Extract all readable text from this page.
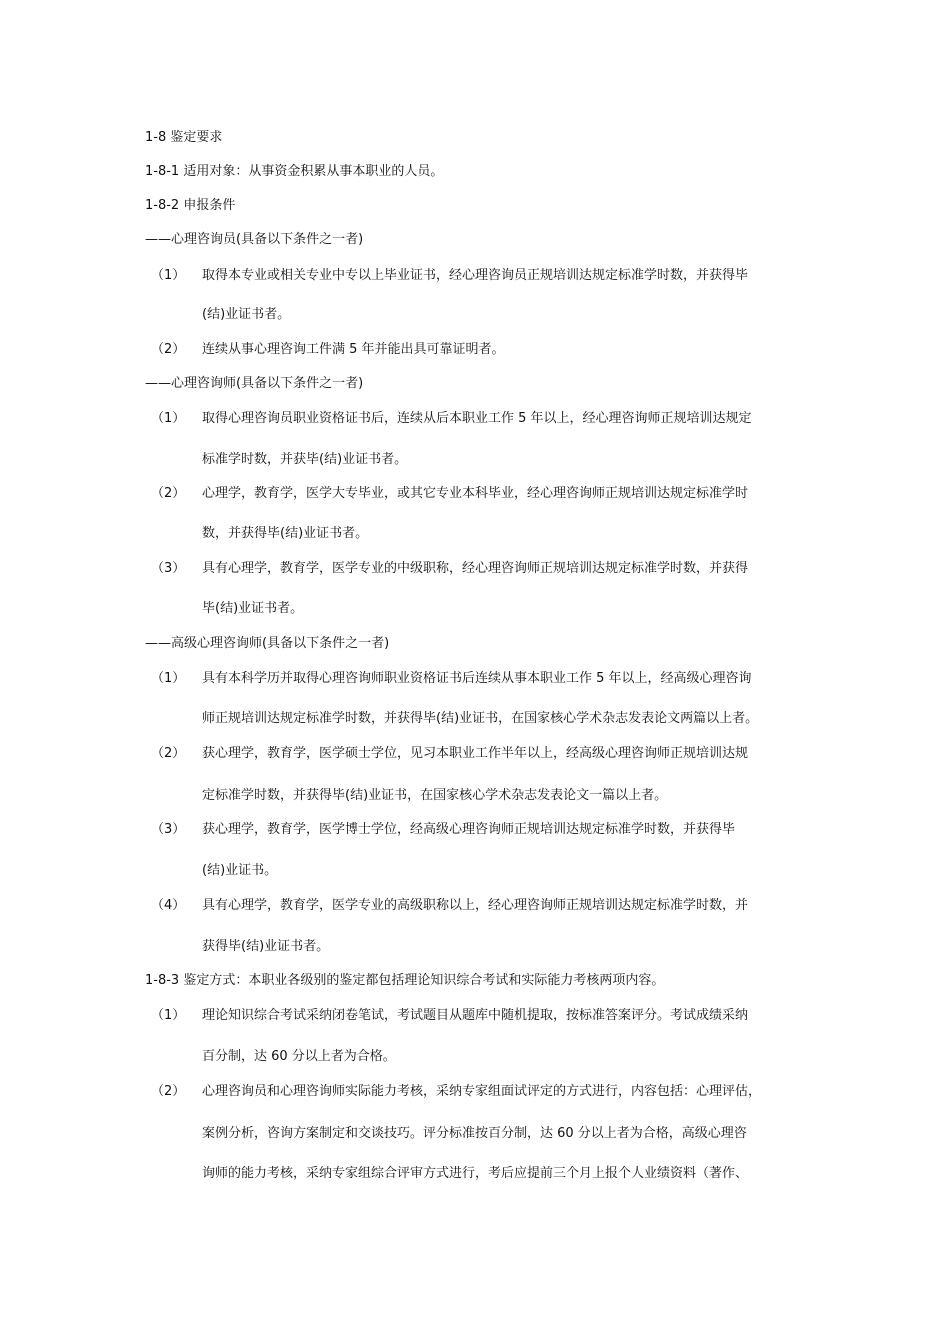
1-8 鉴定要求
1-8-1 适用对象：从事资金积累从事本职业的人员。
1-8-2 申报条件
——心理咨询员(具备以下条件之一者)
（1） 取得本专业或相关专业中专以上毕业证书，经心理咨询员正规培训达规定标准学时数，并获得毕
(结)业证书者。
（2） 连续从事心理咨询工件满 5 年并能出具可靠证明者。
——心理咨询师(具备以下条件之一者)
（1） 取得心理咨询员职业资格证书后，连续从后本职业工作 5 年以上，经心理咨询师正规培训达规定
标准学时数，并获毕(结)业证书者。
（2） 心理学，教育学，医学大专毕业，或其它专业本科毕业，经心理咨询师正规培训达规定标准学时
数，并获得毕(结)业证书者。
（3） 具有心理学，教育学，医学专业的中级职称，经心理咨询师正规培训达规定标准学时数，并获得
毕(结)业证书者。
——高级心理咨询师(具备以下条件之一者)
（1） 具有本科学历并取得心理咨询师职业资格证书后连续从事本职业工作 5 年以上，经高级心理咨询
师正规培训达规定标准学时数，并获得毕(结)业证书，在国家核心学术杂志发表论文两篇以上者。
（2） 获心理学，教育学，医学硕士学位，见习本职业工作半年以上，经高级心理咨询师正规培训达规
定标准学时数，并获得毕(结)业证书，在国家核心学术杂志发表论文一篇以上者。
（3） 获心理学，教育学，医学博士学位，经高级心理咨询师正规培训达规定标准学时数，并获得毕
(结)业证书。
（4） 具有心理学，教育学，医学专业的高级职称以上，经心理咨询师正规培训达规定标准学时数，并
获得毕(结)业证书者。
1-8-3 鉴定方式：本职业各级别的鉴定都包括理论知识综合考试和实际能力考核两项内容。
（1） 理论知识综合考试采纳闭卷笔试，考试题目从题库中随机提取，按标准答案评分。考试成绩采纳
百分制，达 60 分以上者为合格。
（2） 心理咨询员和心理咨询师实际能力考核，采纳专家组面试评定的方式进行，内容包括：心理评估，
案例分析，咨询方案制定和交谈技巧。评分标准按百分制，达 60 分以上者为合格，高级心理咨
询师的能力考核，采纳专家组综合评审方式进行，考后应提前三个月上报个人业绩资料（著作、
